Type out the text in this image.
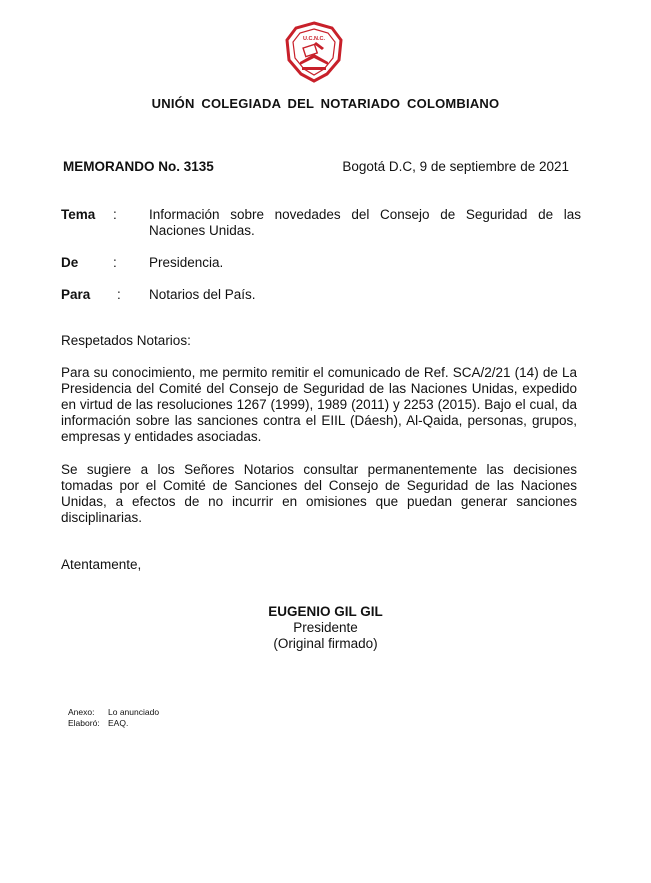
U.C.N.C.
UNIÓN COLEGIADA DEL NOTARIADO COLOMBIANO
MEMORANDO No. 3135	Bogotá D.C, 9 de septiembre de 2021
Tema : Información sobre novedades del Consejo de Seguridad de las Naciones Unidas.
De	: Presidencia.
Para : Notarios del País.
Respetados Notarios:
Para su conocimiento, me permito remitir el comunicado de Ref. SCA/2/21 (14) de La Presidencia del Comité del Consejo de Seguridad de las Naciones Unidas, expedido en virtud de las resoluciones 1267 (1999), 1989 (2011) y 2253 (2015). Bajo el cual, da información sobre las sanciones contra el EIIL (Dáesh), Al-Qaida, personas, grupos, empresas y entidades asociadas.
Se sugiere a los Señores Notarios consultar permanentemente las decisiones tomadas por el Comité de Sanciones del Consejo de Seguridad de las Naciones Unidas, a efectos de no incurrir en omisiones que puedan generar sanciones disciplinarias.
Atentamente,
EUGENIO GIL GIL
Presidente
(Original firmado)
Anexo: Lo anunciado
Elaboró: EAQ.
